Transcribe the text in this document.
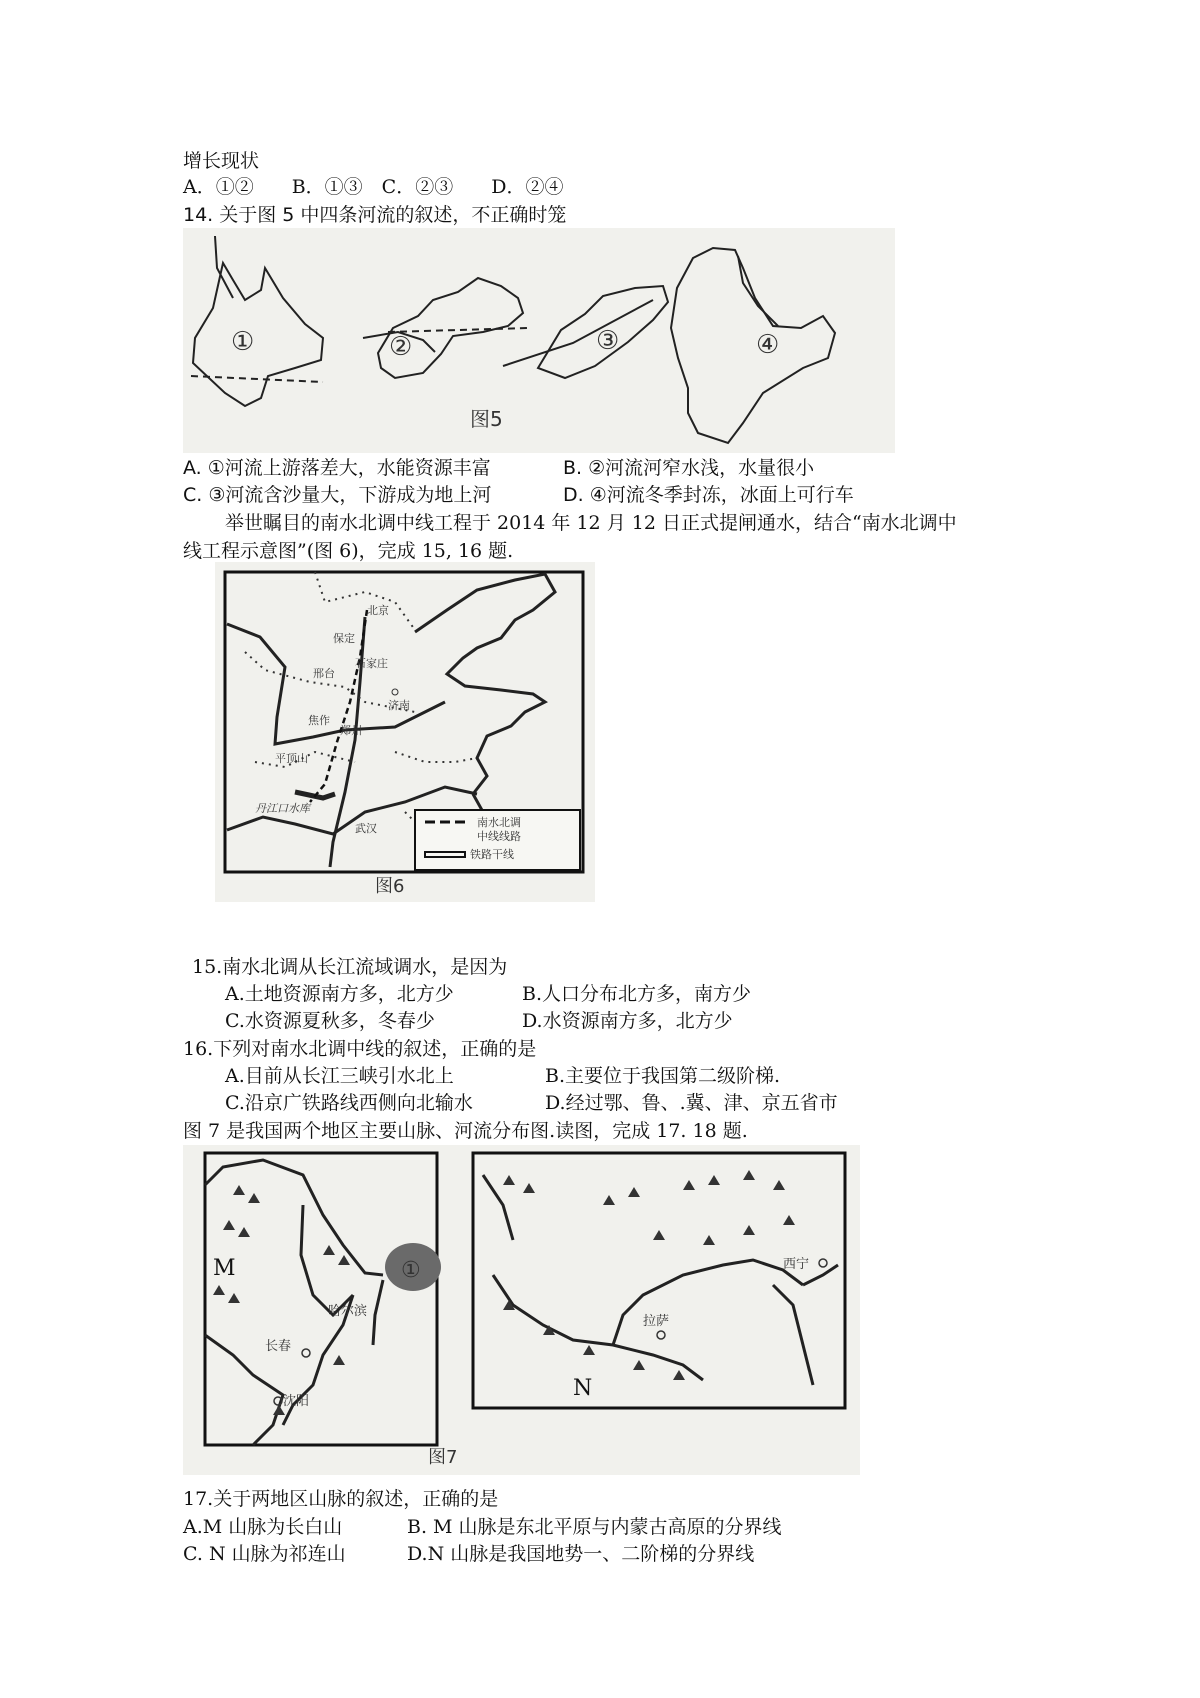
增长现状
A．①②　　B．①③　C．②③　　D．②④
14. 关于图 5 中四条河流的叙述，不正确时笼
①	②	③	④
图5
A. ①河流上游落差大，水能资源丰富	B. ②河流河窄水浅，水量很小
C. ③河流含沙量大，下游成为地上河	D. ④河流冬季封冻，冰面上可行车
举世瞩目的南水北调中线工程于 2014 年 12 月 12 日正式提闸通水，结合“南水北调中
线工程示意图”(图 6)，完成 15, 16 题.
北京
保定
石家庄
邢台
济南
焦作
郑州
平顶山
丹江口水库
武汉	南水北调
中线线路
铁路干线
图6
15.南水北调从长江流域调水，是因为
A.土地资源南方多，北方少	B.人口分布北方多，南方少
C.水资源夏秋多，冬春少	D.水资源南方多，北方少
16.下列对南水北调中线的叙述，正确的是
A.目前从长江三峡引水北上	B.主要位于我国第二级阶梯.
C.沿京广铁路线西侧向北输水	D.经过鄂、鲁、.冀、津、京五省市
图 7 是我国两个地区主要山脉、河流分布图.读图，完成 17. 18 题.
①
M
哈尔滨
长春
沈阳
西宁
拉萨
N
图7
17.关于两地区山脉的叙述，正确的是
A.M 山脉为长白山	B. M 山脉是东北平原与内蒙古高原的分界线
C. N 山脉为祁连山	D.N 山脉是我国地势一、二阶梯的分界线
